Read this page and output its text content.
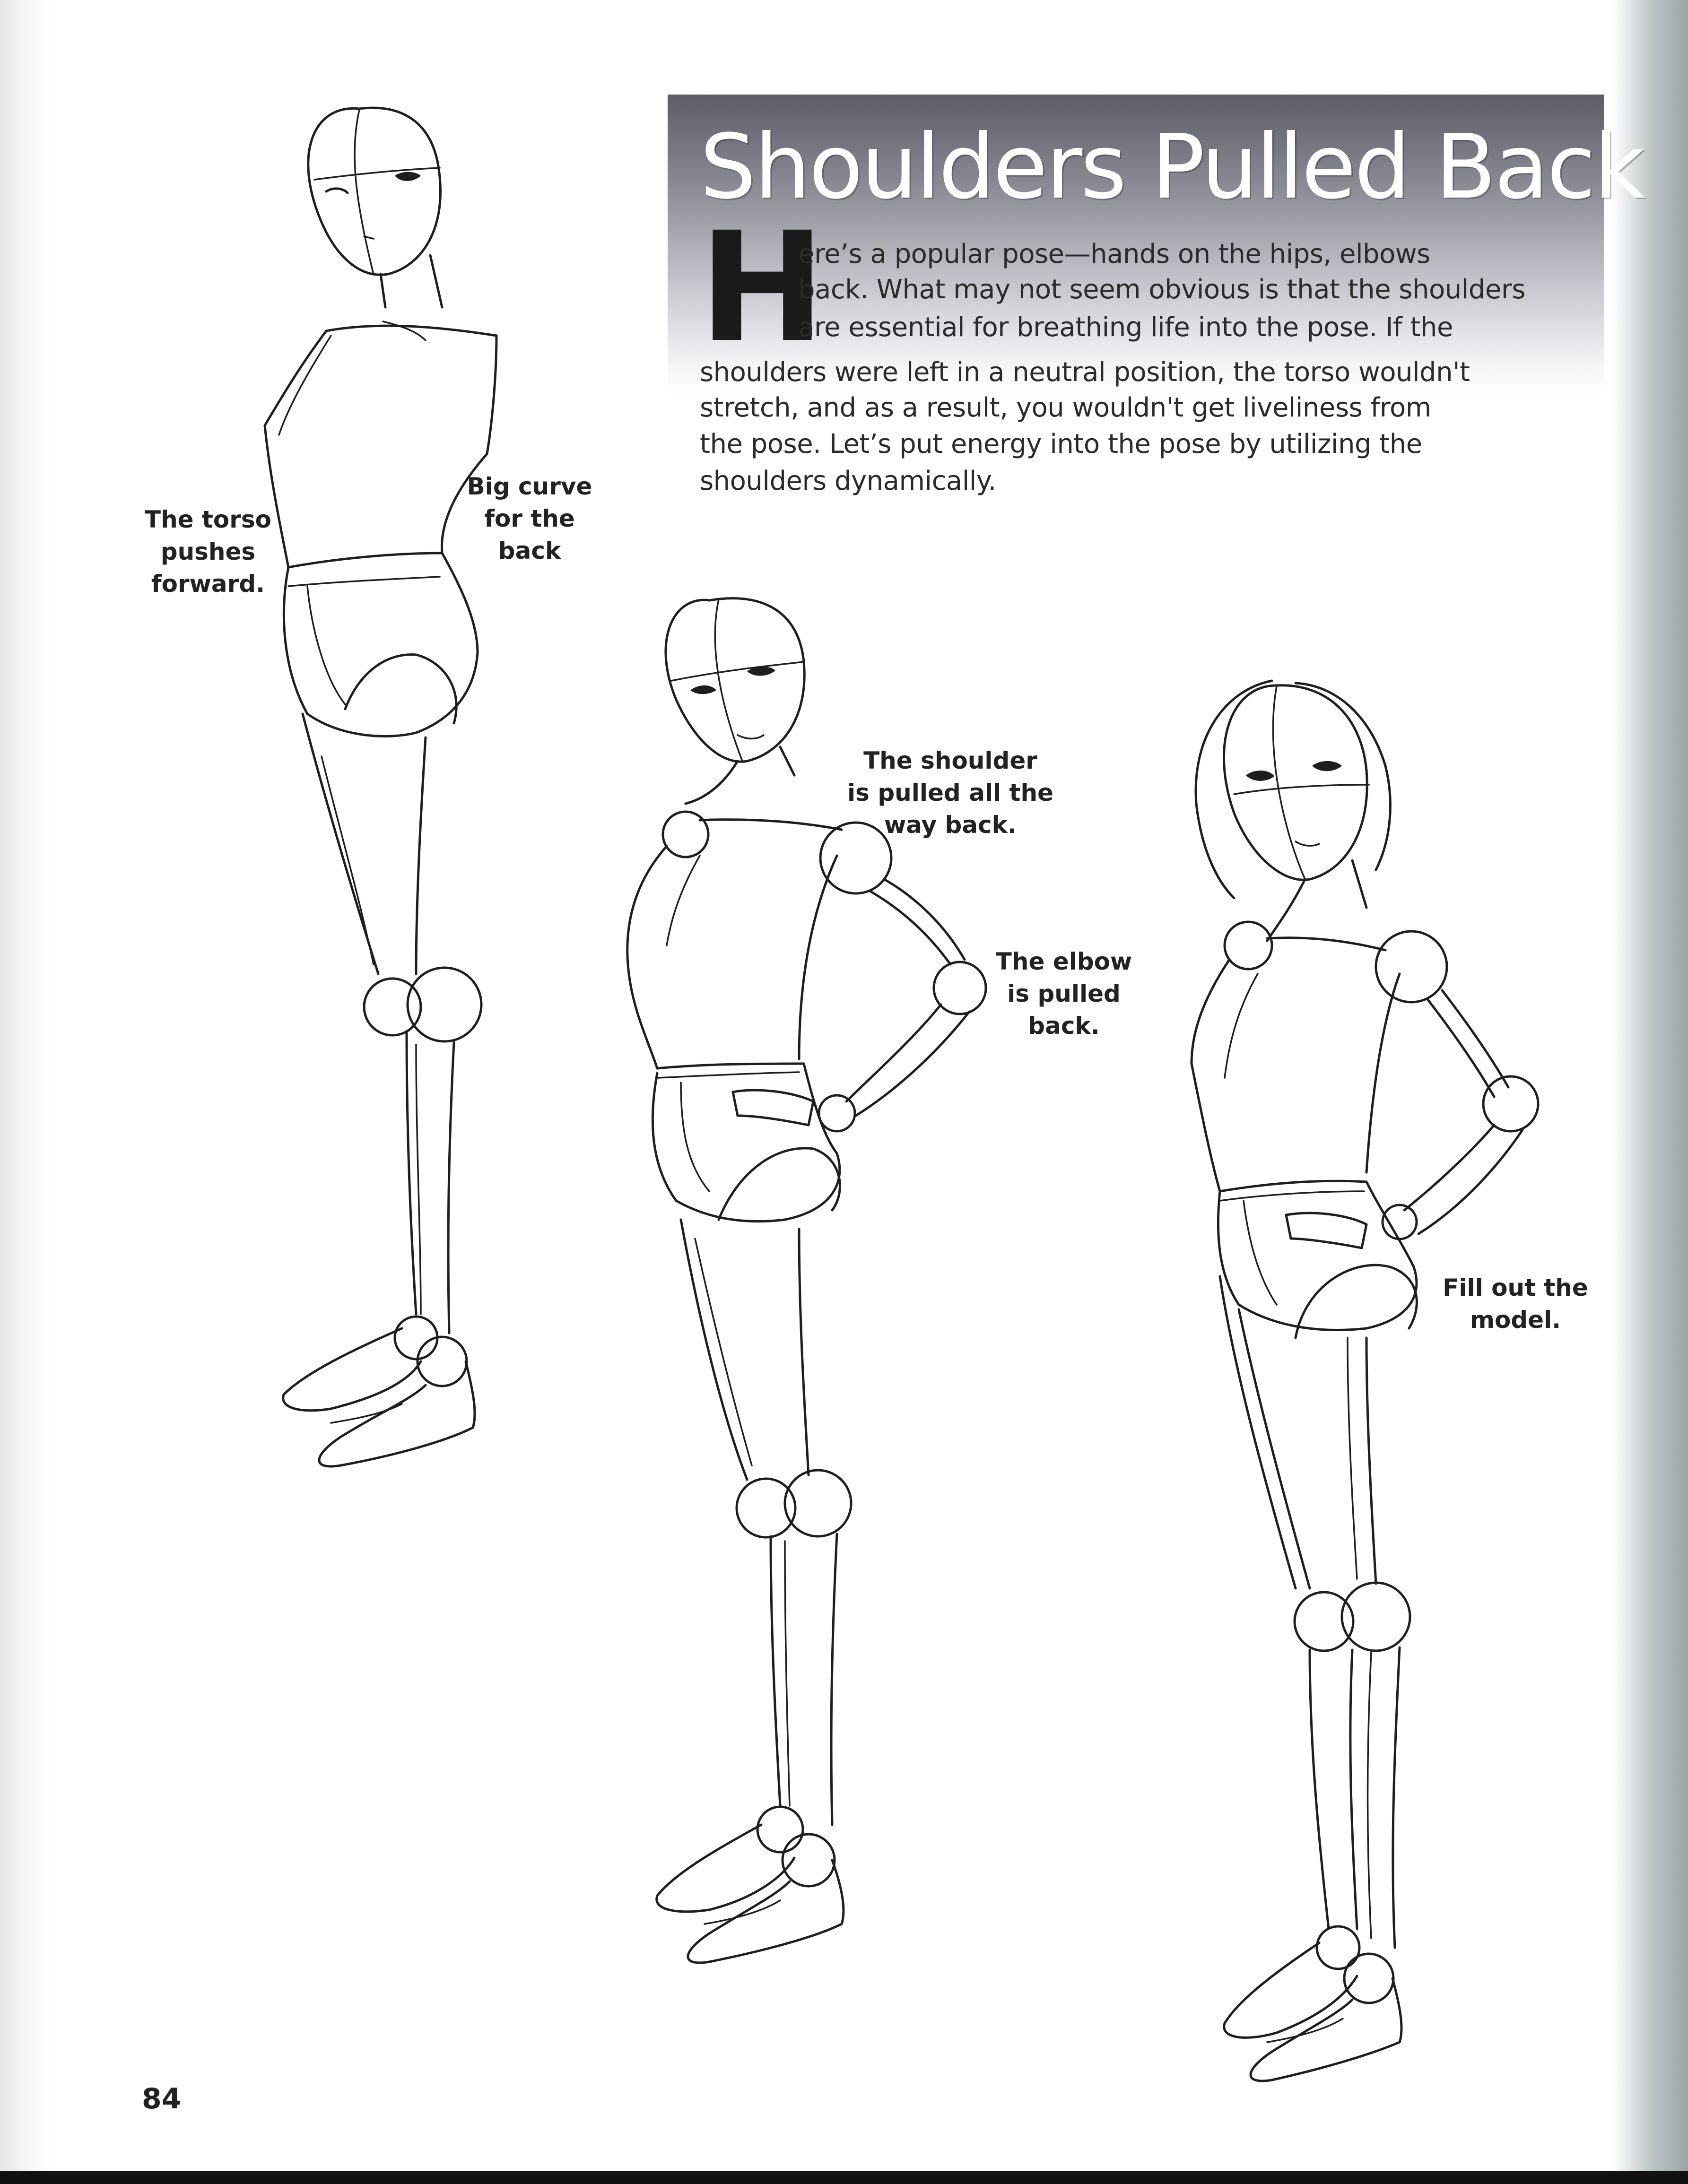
Shoulders Pulled Back
H
ere’s a popular pose—hands on the hips, elbows
back. What may not seem obvious is that the shoulders
are essential for breathing life into the pose. If the
shoulders were left in a neutral position, the torso wouldn't
stretch, and as a result, you wouldn't get liveliness from
the pose. Let’s put energy into the pose by utilizing the
shoulders dynamically.
The torso
pushes
forward.
Big curve
for the
back
The shoulder
is pulled all the
way back.
The elbow
is pulled
back.
Fill out the
model.
84
